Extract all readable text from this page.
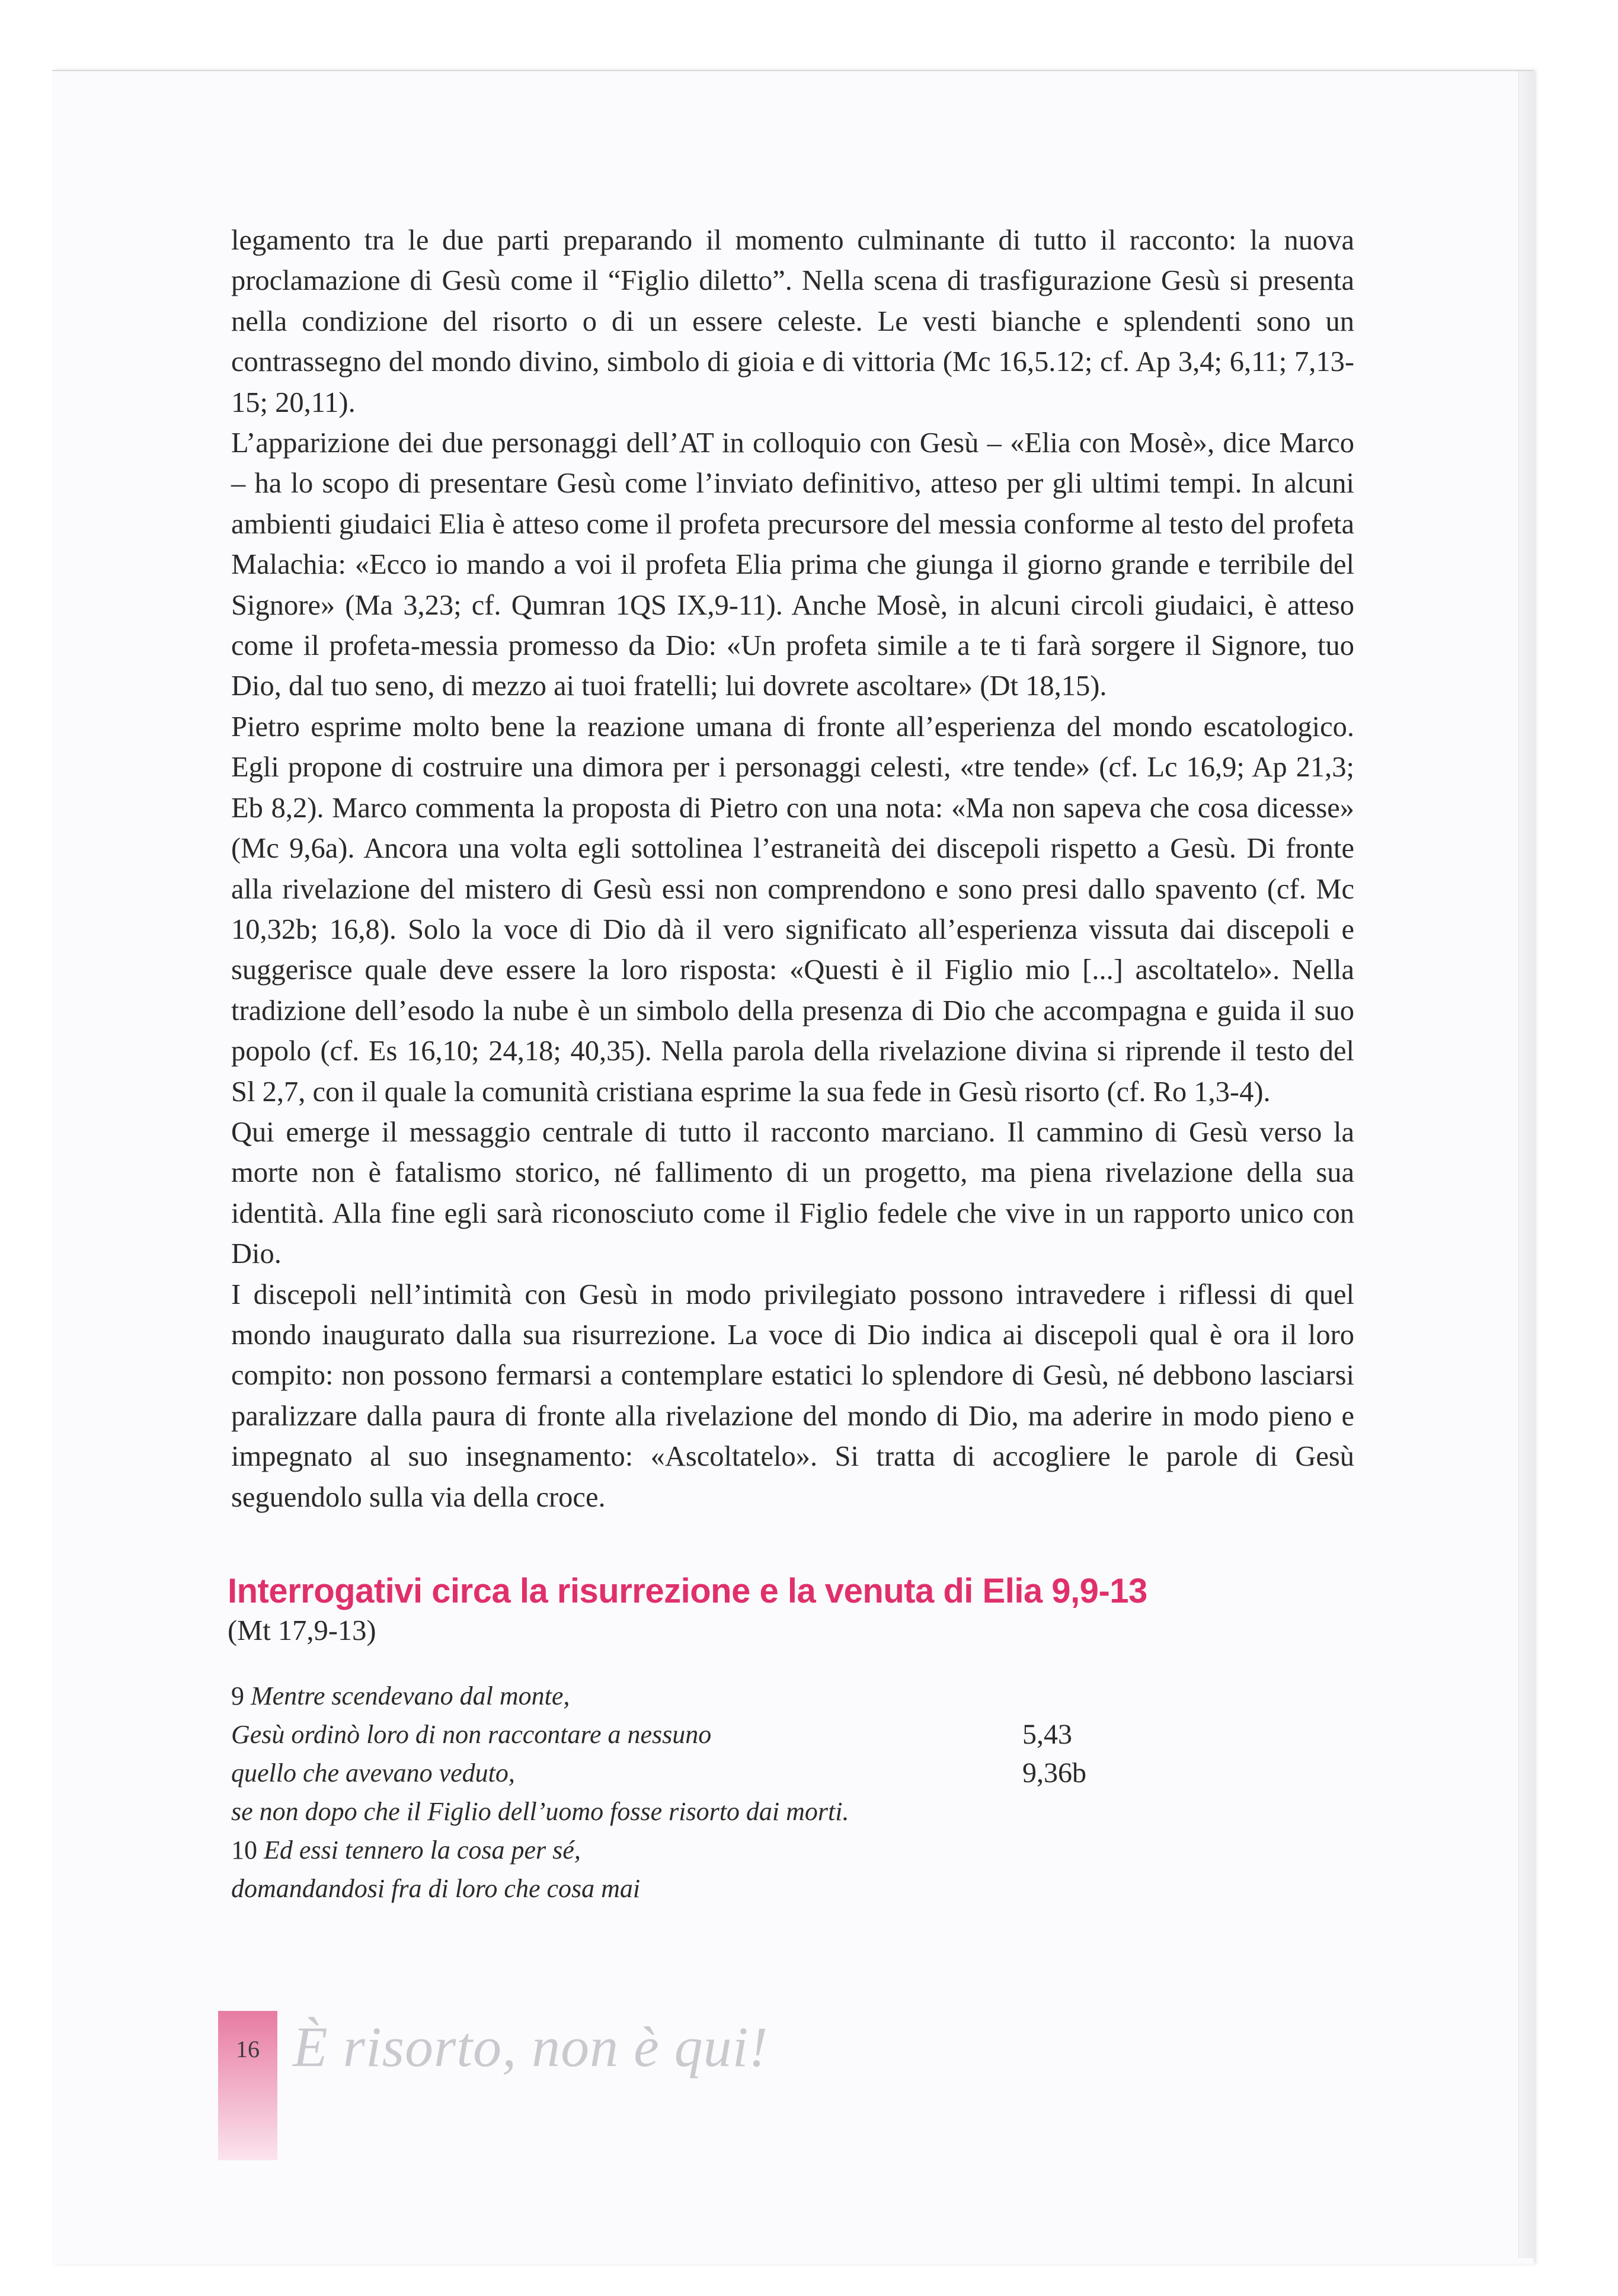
legamento tra le due parti preparando il momento culminante di tutto il racconto: la nuova proclamazione di Gesù come il “Figlio diletto”. Nella scena di trasfigurazione Gesù si presenta nella condizione del risorto o di un essere celeste. Le vesti bianche e splendenti sono un contrassegno del mondo divino, simbolo di gioia e di vittoria (Mc 16,5.12; cf. Ap 3,4; 6,11; 7,13-15; 20,11).

L’apparizione dei due personaggi dell’AT in colloquio con Gesù – «Elia con Mosè», dice Marco – ha lo scopo di presentare Gesù come l’inviato definitivo, atteso per gli ultimi tempi. In alcuni ambienti giudaici Elia è atteso come il profeta precursore del messia conforme al testo del profeta Malachia: «Ecco io mando a voi il profeta Elia prima che giunga il giorno grande e terribile del Signore» (Ma 3,23; cf. Qumran 1QS IX,9-11). Anche Mosè, in alcuni circoli giudaici, è atteso come il profeta-messia promesso da Dio: «Un profeta simile a te ti farà sorgere il Signore, tuo Dio, dal tuo seno, di mezzo ai tuoi fratelli; lui dovrete ascoltare» (Dt 18,15).

Pietro esprime molto bene la reazione umana di fronte all’esperienza del mondo escatologico. Egli propone di costruire una dimora per i personaggi celesti, «tre tende» (cf. Lc 16,9; Ap 21,3; Eb 8,2). Marco commenta la proposta di Pietro con una nota: «Ma non sapeva che cosa dicesse» (Mc 9,6a). Ancora una volta egli sottolinea l’estraneità dei discepoli rispetto a Gesù. Di fronte alla rivelazione del mistero di Gesù essi non comprendono e sono presi dallo spavento (cf. Mc 10,32b; 16,8). Solo la voce di Dio dà il vero significato all’esperienza vissuta dai discepoli e suggerisce quale deve essere la loro risposta: «Questi è il Figlio mio [...] ascoltatelo». Nella tradizione dell’esodo la nube è un simbolo della presenza di Dio che accompagna e guida il suo popolo (cf. Es 16,10; 24,18; 40,35). Nella parola della rivelazione divina si riprende il testo del Sl 2,7, con il quale la comunità cristiana esprime la sua fede in Gesù risorto (cf. Ro 1,3-4).

Qui emerge il messaggio centrale di tutto il racconto marciano. Il cammino di Gesù verso la morte non è fatalismo storico, né fallimento di un progetto, ma piena rivelazione della sua identità. Alla fine egli sarà riconosciuto come il Figlio fedele che vive in un rapporto unico con Dio.

I discepoli nell’intimità con Gesù in modo privilegiato possono intravedere i riflessi di quel mondo inaugurato dalla sua risurrezione. La voce di Dio indica ai discepoli qual è ora il loro compito: non possono fermarsi a contemplare estatici lo splendore di Gesù, né debbono lasciarsi paralizzare dalla paura di fronte alla rivelazione del mondo di Dio, ma aderire in modo pieno e impegnato al suo insegnamento: «Ascoltatelo». Si tratta di accogliere le parole di Gesù seguendolo sulla via della croce.

Interrogativi circa la risurrezione e la venuta di Elia 9,9-13
(Mt 17,9-13)
9 Mentre scendevano dal monte,
Gesù ordinò loro di non raccontare a nessuno	5,43
quello che avevano veduto,	9,36b
se non dopo che il Figlio dell’uomo fosse risorto dai morti.
10 Ed essi tennero la cosa per sé,
domandandosi fra di loro che cosa mai
16 È risorto, non è qui!
